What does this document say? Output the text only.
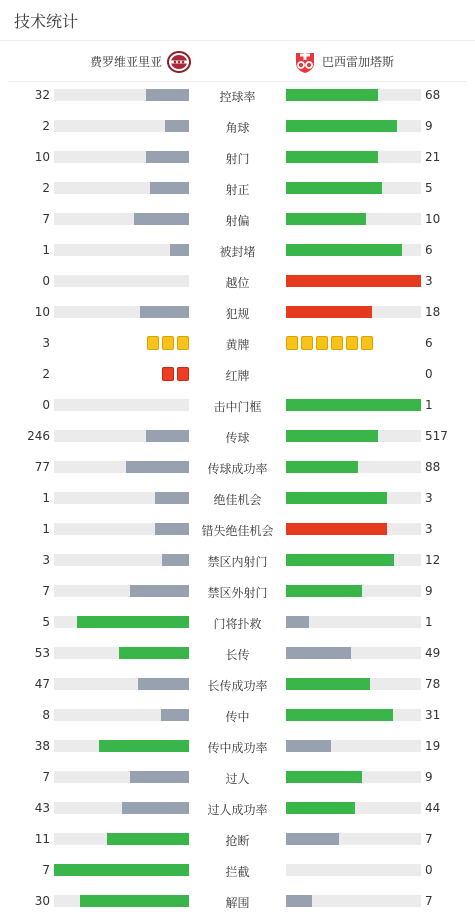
技术统计
费罗维亚里亚	巴西雷加塔斯
32	控球率	68
2	角球	9
10	射门	21
2	射正	5
7	射偏	10
1	被封堵	6
0	越位	3
10	犯规	18
3	黄牌	6
2	红牌	0
0	击中门框	1
246	传球	517
77	传球成功率	88
1	绝佳机会	3
1	错失绝佳机会	3
3	禁区内射门	12
7	禁区外射门	9
5	门将扑救	1
53	长传	49
47	长传成功率	78
8	传中	31
38	传中成功率	19
7	过人	9
43	过人成功率	44
11	抢断	7
7	拦截	0
30	解围	7
